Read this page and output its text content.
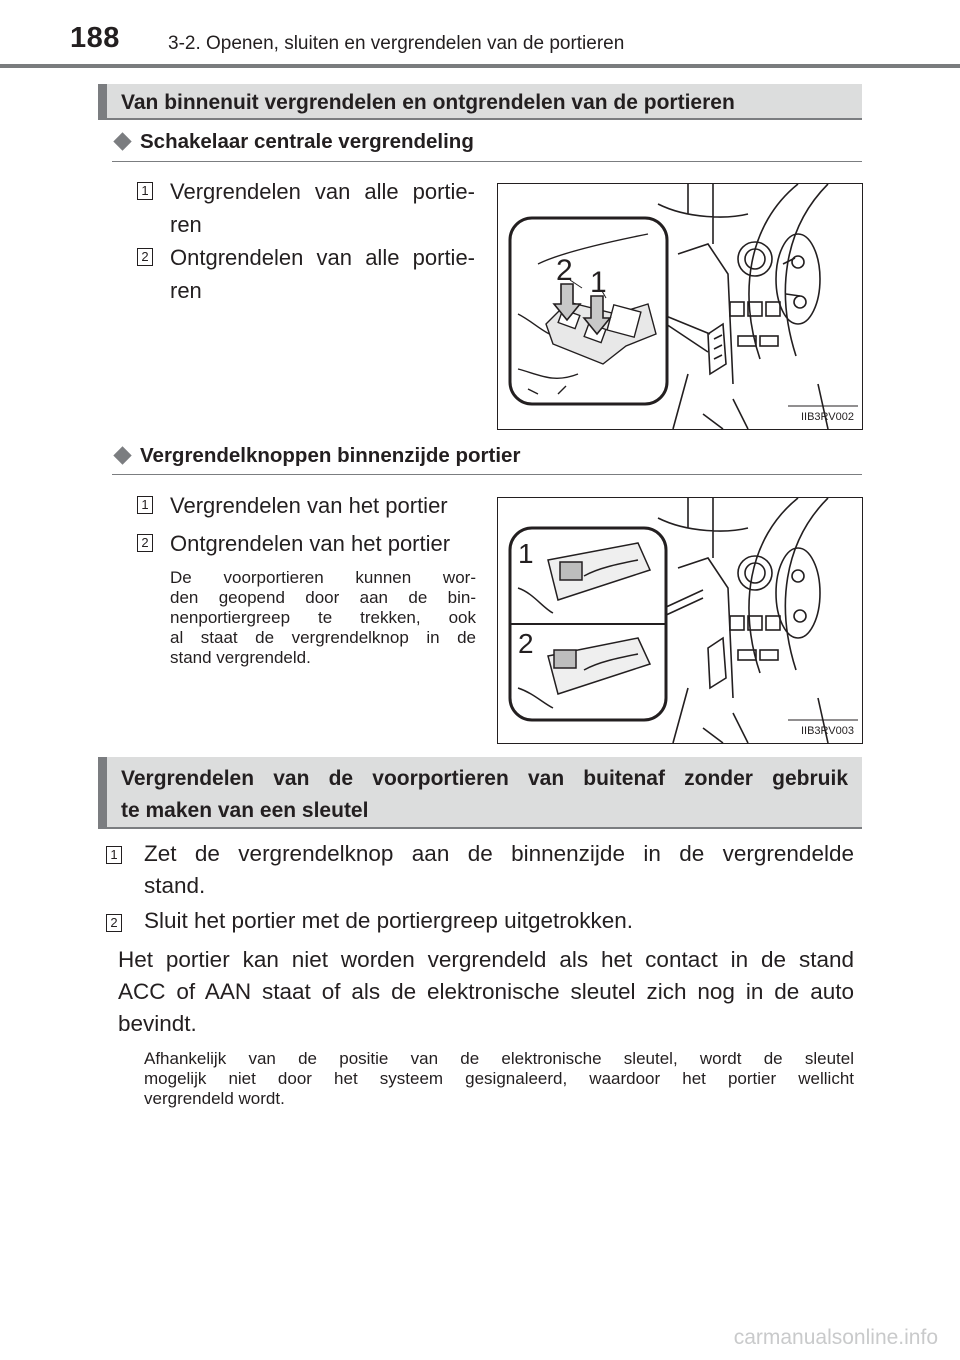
188	3-2. Openen, sluiten en vergrendelen van de portieren
Van binnenuit vergrendelen en ontgrendelen van de portieren
Schakelaar centrale vergrendeling
1 Vergrendelen van alle portie-
ren
2 Ontgrendelen van alle portie-
ren
2 1
IIB3RV002
Vergrendelknoppen binnenzijde portier
1 Vergrendelen van het portier
2 Ontgrendelen van het portier
De voorportieren kunnen wor-
den geopend door aan de bin-
nenportiergreep te trekken, ook
al staat de vergrendelknop in de
stand vergrendeld.
1
2
IIB3RV003
Vergrendelen van de voorportieren van buitenaf zonder gebruik
te maken van een sleutel
1 Zet de vergrendelknop aan de binnenzijde in de vergrendelde
stand.
2 Sluit het portier met de portiergreep uitgetrokken.
Het portier kan niet worden vergrendeld als het contact in de stand
ACC of AAN staat of als de elektronische sleutel zich nog in de auto
bevindt.
Afhankelijk van de positie van de elektronische sleutel, wordt de sleutel
mogelijk niet door het systeem gesignaleerd, waardoor het portier wellicht
vergrendeld wordt.
carmanualsonline.info
